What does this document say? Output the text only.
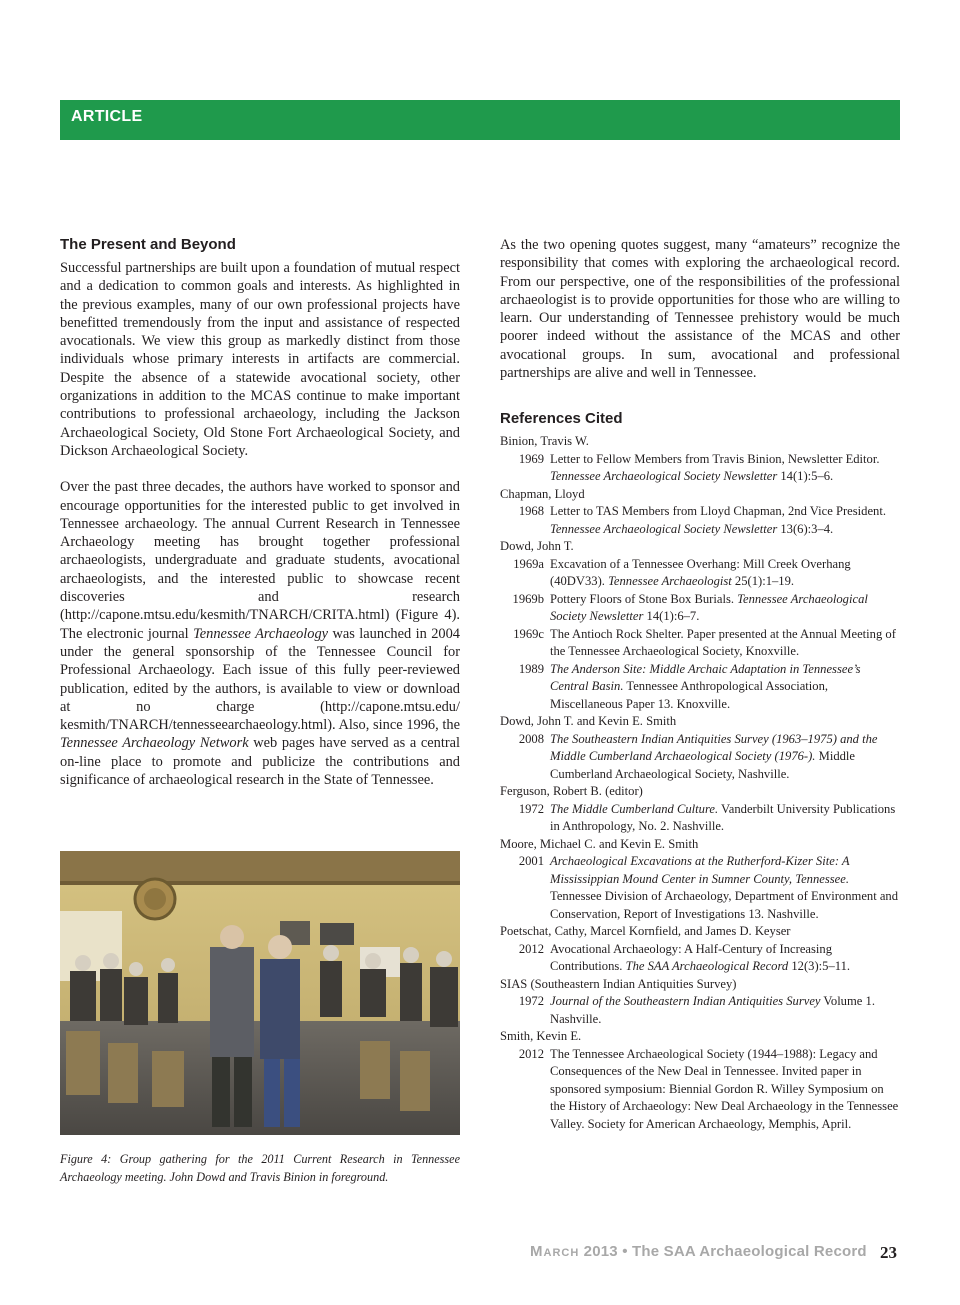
ARTICLE
The Present and Beyond

Successful partnerships are built upon a foundation of mutual respect and a dedication to common goals and interests. As highlighted in the previous examples, many of our own professional projects have benefitted tremendously from the input and assistance of respected avocationals. We view this group as markedly distinct from those individuals whose primary interests in artifacts are commercial. Despite the absence of a statewide avocational society, other organizations in addition to the MCAS continue to make important contributions to professional archaeology, including the Jackson Archaeological Society, Old Stone Fort Archaeological Society, and Dickson Archaeological Society.

Over the past three decades, the authors have worked to sponsor and encourage opportunities for the interested public to get involved in Tennessee archaeology. The annual Current Research in Tennessee Archaeology meeting has brought together professional archaeologists, undergraduate and graduate students, avocational archaeologists, and the interested public to showcase recent discoveries and research (http://capone.mtsu.edu/kesmith/TNARCH/CRITA.html) (Figure 4). The electronic journal Tennessee Archaeology was launched in 2004 under the general sponsorship of the Tennessee Council for Professional Archaeology. Each issue of this fully peer-reviewed publication, edited by the authors, is available to view or download at no charge (http://capone.mtsu.edu/ kesmith/TNARCH/tennesseearchaeology.html). Also, since 1996, the Tennessee Archaeology Network web pages have served as a central on-line place to promote and publicize the contributions and significance of archaeological research in the State of Tennessee.

Figure 4: Group gathering for the 2011 Current Research in Tennessee Archaeology meeting. John Dowd and Travis Binion in foreground.

As the two opening quotes suggest, many “amateurs” recognize the responsibility that comes with exploring the archaeological record. From our perspective, one of the responsibilities of the professional archaeologist is to provide opportunities for those who are willing to learn. Our understanding of Tennessee prehistory would be much poorer indeed without the assistance of the MCAS and other avocational groups. In sum, avocational and professional partnerships are alive and well in Tennessee.

References Cited
Binion, Travis W.
1969 Letter to Fellow Members from Travis Binion, Newsletter Editor. Tennessee Archaeological Society Newsletter 14(1):5–6.
Chapman, Lloyd
1968 Letter to TAS Members from Lloyd Chapman, 2nd Vice President. Tennessee Archaeological Society Newsletter 13(6):3–4.
Dowd, John T.
1969a Excavation of a Tennessee Overhang: Mill Creek Overhang (40DV33). Tennessee Archaeologist 25(1):1–19.
1969b Pottery Floors of Stone Box Burials. Tennessee Archaeological Society Newsletter 14(1):6–7.
1969c The Antioch Rock Shelter. Paper presented at the Annual Meeting of the Tennessee Archaeological Society, Knoxville.
1989 The Anderson Site: Middle Archaic Adaptation in Tennessee’s Central Basin. Tennessee Anthropological Association, Miscellaneous Paper 13. Knoxville.
Dowd, John T. and Kevin E. Smith
2008 The Southeastern Indian Antiquities Survey (1963–1975) and the Middle Cumberland Archaeological Society (1976-). Middle Cumberland Archaeological Society, Nashville.
Ferguson, Robert B. (editor)
1972 The Middle Cumberland Culture. Vanderbilt University Publications in Anthropology, No. 2. Nashville.
Moore, Michael C. and Kevin E. Smith
2001 Archaeological Excavations at the Rutherford-Kizer Site: A Mississippian Mound Center in Sumner County, Tennessee. Tennessee Division of Archaeology, Department of Environment and Conservation, Report of Investigations 13. Nashville.
Poetschat, Cathy, Marcel Kornfield, and James D. Keyser
2012 Avocational Archaeology: A Half-Century of Increasing Contributions. The SAA Archaeological Record 12(3):5–11.
SIAS (Southeastern Indian Antiquities Survey)
1972 Journal of the Southeastern Indian Antiquities Survey Volume 1. Nashville.
Smith, Kevin E.
2012 The Tennessee Archaeological Society (1944–1988): Legacy and Consequences of the New Deal in Tennessee. Invited paper in sponsored symposium: Biennial Gordon R. Willey Symposium on the History of Archaeology: New Deal Archaeology in the Tennessee Valley. Society for American Archaeology, Memphis, April.
March 2013 • The SAA Archaeological Record 23
